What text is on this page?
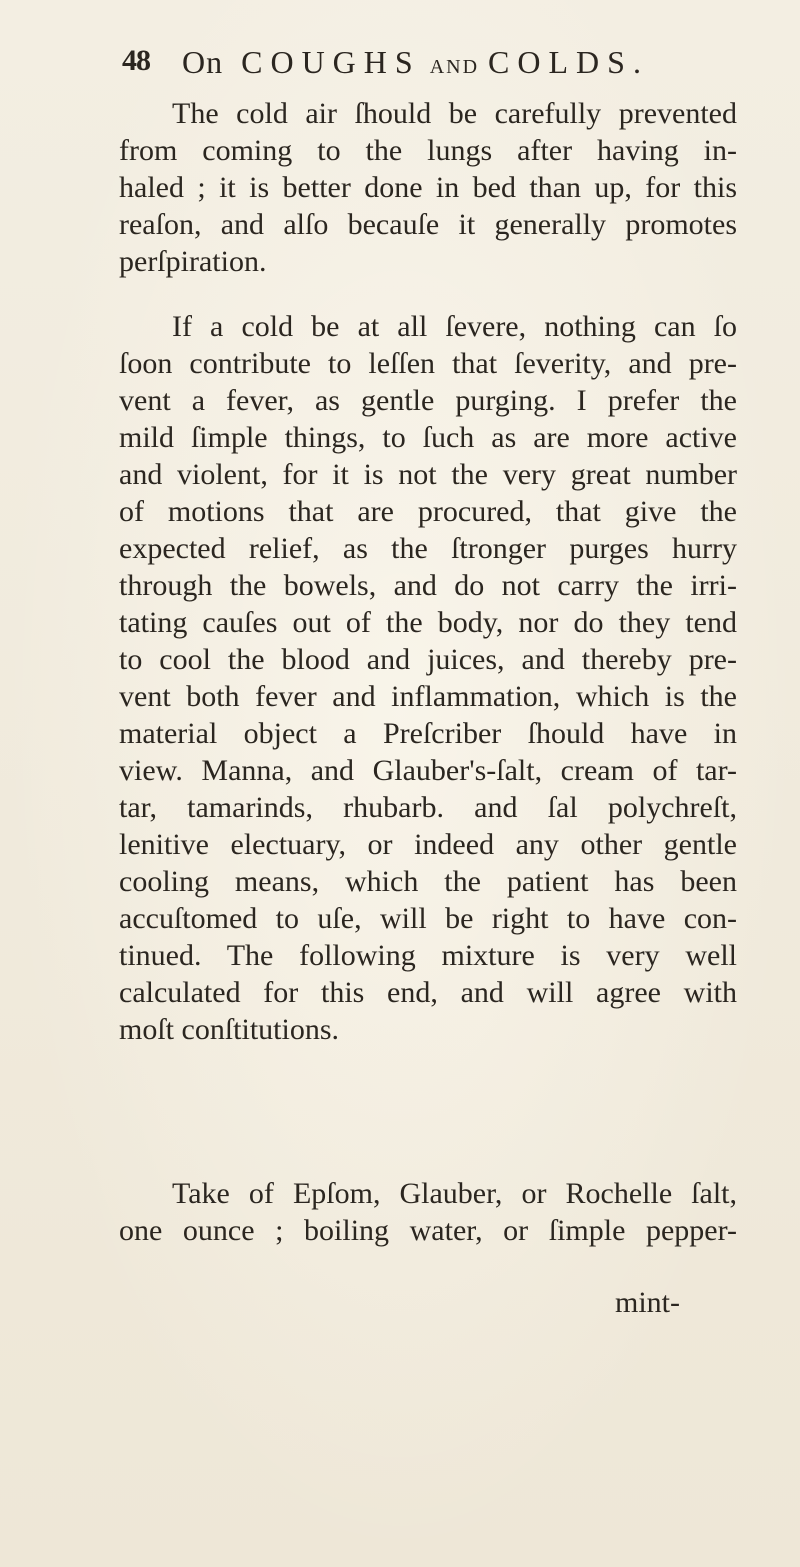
48 On COUGHS AND COLDS.
The cold air ſhould be carefully prevented
from coming to the lungs after having in-
haled ; it is better done in bed than up, for this
reaſon, and alſo becauſe it generally promotes
perſpiration.
If a cold be at all ſevere, nothing can ſo
ſoon contribute to leſſen that ſeverity, and pre-
vent a fever, as gentle purging. I prefer the
mild ſimple things, to ſuch as are more active
and violent, for it is not the very great number
of motions that are procured, that give the
expected relief, as the ſtronger purges hurry
through the bowels, and do not carry the irri-
tating cauſes out of the body, nor do they tend
to cool the blood and juices, and thereby pre-
vent both fever and inflammation, which is the
material object a Preſcriber ſhould have in
view. Manna, and Glauber's-ſalt, cream of tar-
tar, tamarinds, rhubarb. and ſal polychreſt,
lenitive electuary, or indeed any other gentle
cooling means, which the patient has been
accuſtomed to uſe, will be right to have con-
tinued. The following mixture is very well
calculated for this end, and will agree with
moſt conſtitutions.
Take of Epſom, Glauber, or Rochelle ſalt,
one ounce ; boiling water, or ſimple pepper-
mint-
